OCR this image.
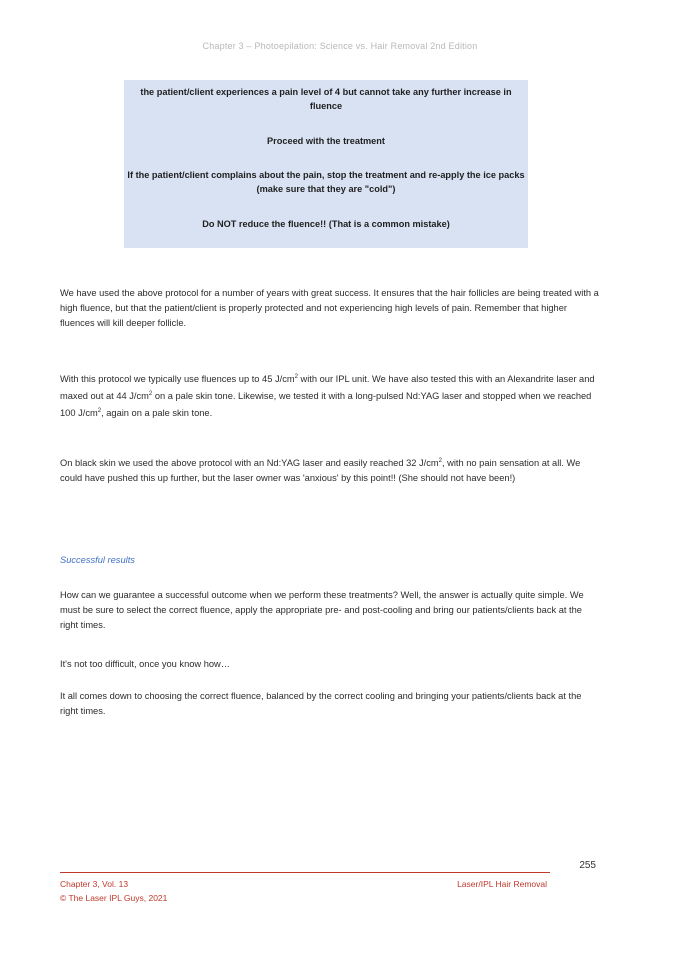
Chapter 3 – Photoepilation: Science vs. Hair Removal 2nd Edition

the patient/client experiences a pain level of 4 but cannot take any further increase in fluence

Proceed with the treatment

If the patient/client complains about the pain, stop the treatment and re-apply the ice packs (make sure that they are "cold")

Do NOT reduce the fluence!! (That is a common mistake)

We have used the above protocol for a number of years with great success. It ensures that the hair follicles are being treated with a high fluence, but that the patient/client is properly protected and not experiencing high levels of pain. Remember that higher fluences will kill deeper follicle.
With this protocol we typically use fluences up to 45 $J/cm^2$ with our IPL unit. We have also tested this with an Alexandrite laser and maxed out at 44 $J/cm^2$ on a pale skin tone. Likewise, we tested it with a long-pulsed Nd:YAG laser and stopped when we reached 100 $J/cm^2$, again on a pale skin tone.
On black skin we used the above protocol with an Nd:YAG laser and easily reached 32 $J/cm^2$, with no pain sensation at all. We could have pushed this up further, but the laser owner was 'anxious' by this point!! (She should not have been!)
Successful results
How can we guarantee a successful outcome when we perform these treatments? Well, the answer is actually quite simple. We must be sure to select the correct fluence, apply the appropriate pre- and post-cooling and bring our patients/clients back at the right times.
It's not too difficult, once you know how…
It all comes down to choosing the correct fluence, balanced by the correct cooling and bringing your patients/clients back at the right times.
255
Chapter 3, Vol. 13
© The Laser IPL Guys, 2021
Laser/IPL Hair Removal
